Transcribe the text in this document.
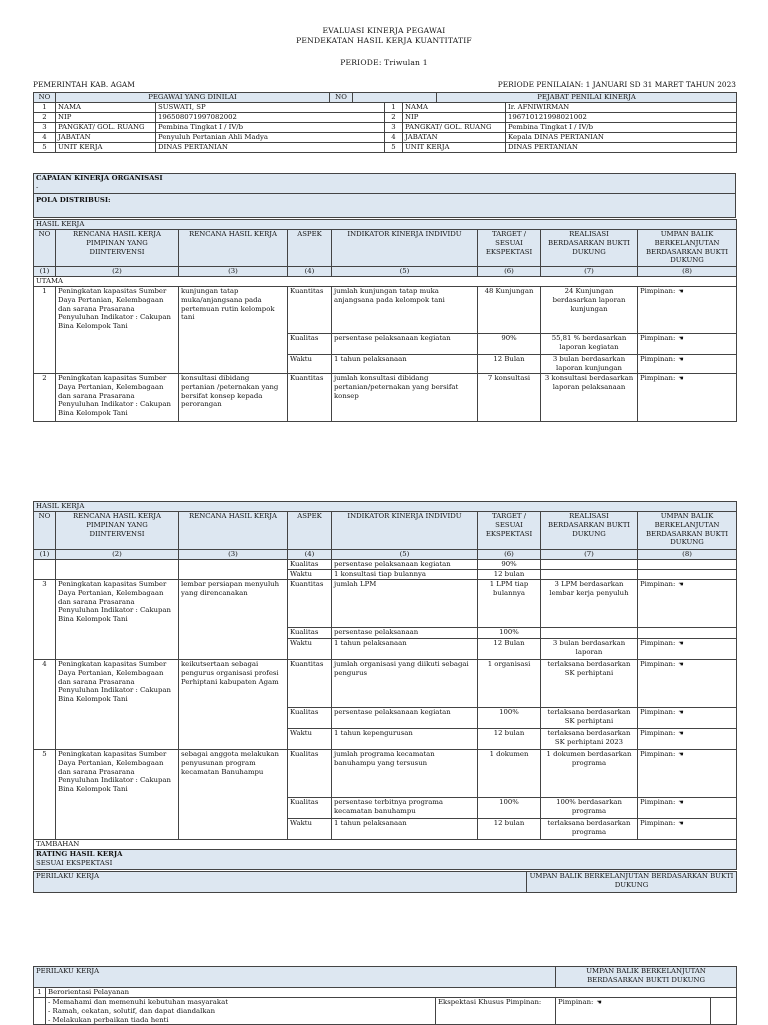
EVALUASI KINERJA PEGAWAI
PENDEKATAN HASIL KERJA KUANTITATIF
PERIODE: Triwulan 1
PEMERINTAH KAB. AGAM	PERIODE PENILAIAN: 1 JANUARI SD 31 MARET TAHUN 2023
NO	PEGAWAI YANG DINILAI		NO	
		PEJABAT PENILAI KINERJA
1	NAMA	SUSWATI, SP	1	NAMA	Ir. AFNIWIRMAN
2	NIP	196508071997082002	2	NIP	196710121998021002
3	PANGKAT/ GOL. RUANG	Pembina Tingkat I / IV/b	3	PANGKAT/ GOL. RUANG	Pembina Tingkat I / IV/b
4	JABATAN	Penyuluh Pertanian Ahli Madya	4	JABATAN	Kepala DINAS PERTANIAN
5	UNIT KERJA	DINAS PERTANIAN	5	UNIT KERJA	DINAS PERTANIAN
CAPAIAN KINERJA ORGANISASI
-

POLA DISTRIBUSI:
HASIL KERJA							
NO	RENCANA HASIL KERJA PIMPINAN YANG DIINTERVENSI	RENCANA HASIL KERJA	ASPEK	INDIKATOR KINERJA INDIVIDU	TARGET / SESUAI EKSPEKTASI	REALISASI BERDASARKAN BUKTI DUKUNG	UMPAN BALIK BERKELANJUTAN BERDASARKAN BUKTI DUKUNG
(1)	(2)	(3)	(4)	(5)	(6)	(7)	(8)
UTAMA							
1	Peningkatan kapasitas Sumber Daya Pertanian, Kelembagaan dan sarana Prasarana Penyuluhan Indikator : Cakupan Bina Kelompok Tani	kunjungan tatap muka/anjangsana pada pertemuan rutin kelompok tani	Kuantitas	jumlah kunjungan tatap muka anjangsana pada kelompok tani	48 Kunjungan	24 Kunjungan berdasarkan laporan kunjungan	Pimpinan: ☚
			Kualitas	persentase pelaksanaan kegiatan	90%	55,81 % berdasarkan laporan kegiatan	Pimpinan: ☚
			Waktu	1 tahun pelaksanaan	12 Bulan	3 bulan berdasarkan laporan kunjungan	Pimpinan: ☚
2	Peningkatan kapasitas Sumber Daya Pertanian, Kelembagaan dan sarana Prasarana Penyuluhan Indikator : Cakupan Bina Kelompok Tani	konsultasi dibidang pertanian /peternakan yang bersifat konsep kepada perorangan	Kuantitas	jumlah konsultasi dibidang pertanian/peternakan yang bersifat konsep	7 konsultasi	3 konsultasi berdasarkan laporan pelaksanaan	Pimpinan: ☚
HASIL KERJA							
NO	RENCANA HASIL KERJA PIMPINAN YANG DIINTERVENSI	RENCANA HASIL KERJA	ASPEK	INDIKATOR KINERJA INDIVIDU	TARGET / SESUAI EKSPEKTASI	REALISASI BERDASARKAN BUKTI DUKUNG	UMPAN BALIK BERKELANJUTAN BERDASARKAN BUKTI DUKUNG
(1)	(2)	(3)	(4)	(5)	(6)	(7)	(8)
			Kualitas	persentase pelaksanaan kegiatan	90%		
			Waktu	1 konsultasi tiap bulannya	12 bulan		
3	Peningkatan kapasitas Sumber Daya Pertanian, Kelembagaan dan sarana Prasarana Penyuluhan Indikator : Cakupan Bina Kelompok Tani	lembar persiapan menyuluh yang direncanakan	Kuantitas	jumlah LPM	1 LPM tiap bulannya	3 LPM berdasarkan lembar kerja penyuluh	Pimpinan: ☚
			Kualitas	persentase pelaksanaan	100%		
			Waktu	1 tahun pelaksanaan	12 Bulan	3 bulan berdasarkan laporan	Pimpinan: ☚
4	Peningkatan kapasitas Sumber Daya Pertanian, Kelembagaan dan sarana Prasarana Penyuluhan Indikator : Cakupan Bina Kelompok Tani	keikutsertaan sebagai pengurus organisasi profesi Perhiptani kabupaten Agam	Kuantitas	jumlah organisasi yang diikuti sebagai pengurus	1 organisasi	terlaksana berdasarkan SK perhiptani	Pimpinan: ☚
			Kualitas	persentase pelaksanaan kegiatan	100%	terlaksana berdasarkan SK perhiptani	Pimpinan: ☚
			Waktu	1 tahun kepengurusan	12 bulan	terlaksana berdasarkan SK perhiptani 2023	Pimpinan: ☚
5	Peningkatan kapasitas Sumber Daya Pertanian, Kelembagaan dan sarana Prasarana Penyuluhan Indikator : Cakupan Bina Kelompok Tani	sebagai anggota melakukan penyusunan program kecamatan Banuhampu	Kualitas	jumlah programa kecamatan banuhampu yang tersusun	1 dokumen	1 dokumen berdasarkan programa	Pimpinan: ☚
			Kualitas	persentase terbitnya programa kecamatan banuhampu	100%	100% berdasarkan programa	Pimpinan: ☚
			Waktu	1 tahun pelaksanaan	12 bulan	terlaksana berdasarkan programa	Pimpinan: ☚
TAMBAHAN							

RATING HASIL KERJA
SESUAI EKSPEKTASI							
PERILAKU KERJA	UMPAN BALIK BERKELANJUTAN BERDASARKAN BUKTI DUKUNG
PERILAKU KERJA			UMPAN BALIK BERKELANJUTAN BERDASARKAN BUKTI DUKUNG	
1	Berorientasi Pelayanan			

	- Memahami dan memenuhi kebutuhan masyarakat
- Ramah, cekatan, solutif, dan dapat diandalkan
- Melakukan perbaikan tiada henti	Ekspektasi Khusus Pimpinan:	Pimpinan: ☚	
